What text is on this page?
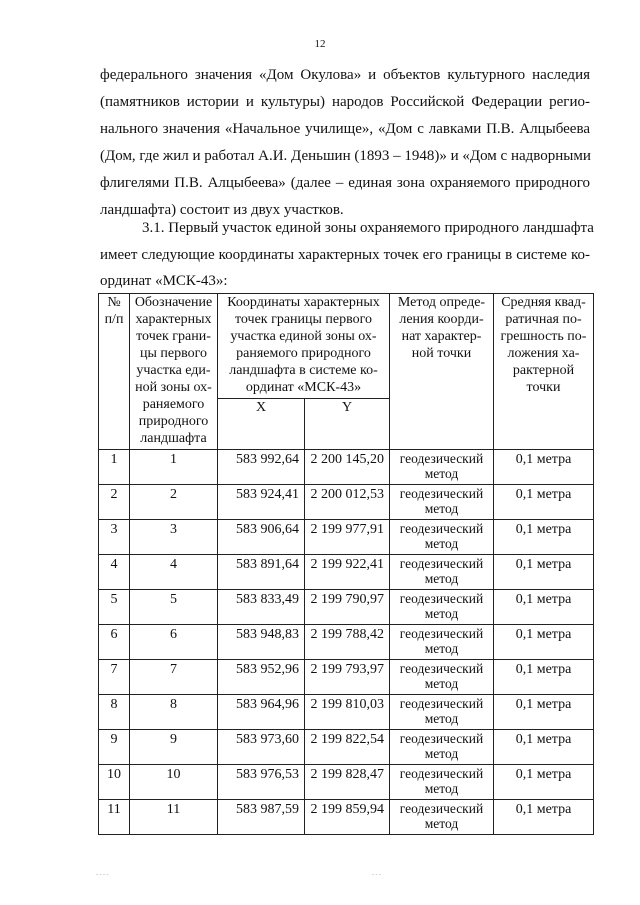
12
федерального значения «Дом Окулова» и объектов культурного наследия
(памятников истории и культуры) народов Российской Федерации регио-
нального значения «Начальное училище», «Дом с лавками П.В. Алцыбеева
(Дом, где жил и работал А.И. Деньшин (1893 – 1948)» и «Дом с надворными
флигелями П.В. Алцыбеева» (далее – единая зона охраняемого природного
ландшафта) состоит из двух участков.
3.1. Первый участок единой зоны охраняемого природного ландшафта
имеет следующие координаты характерных точек его границы в системе ко-
ординат «МСК-43»:
№ п/п	Обозначение характерных точек грани-цы первого участка еди-ной зоны ох-раняемого природного ландшафта	Координаты характерных точек границы первого участка единой зоны ох-раняемого природного ландшафта в системе ко-ординат «МСК-43»		Метод опреде-ления коорди-нат характер-ной точки	Средняя квад-ратичная по-грешность по-ложения ха-рактерной точки
		X	Y		
1	1	583 992,64	2 200 145,20	геодезический метод	0,1 метра
2	2	583 924,41	2 200 012,53	геодезический метод	0,1 метра
3	3	583 906,64	2 199 977,91	геодезический метод	0,1 метра
4	4	583 891,64	2 199 922,41	геодезический метод	0,1 метра
5	5	583 833,49	2 199 790,97	геодезический метод	0,1 метра
6	6	583 948,83	2 199 788,42	геодезический метод	0,1 метра
7	7	583 952,96	2 199 793,97	геодезический метод	0,1 метра
8	8	583 964,96	2 199 810,03	геодезический метод	0,1 метра
9	9	583 973,60	2 199 822,54	геодезический метод	0,1 метра
10	10	583 976,53	2 199 828,47	геодезический метод	0,1 метра
11	11	583 987,59	2 199 859,94	геодезический метод	0,1 метра
- - - -	- - -
